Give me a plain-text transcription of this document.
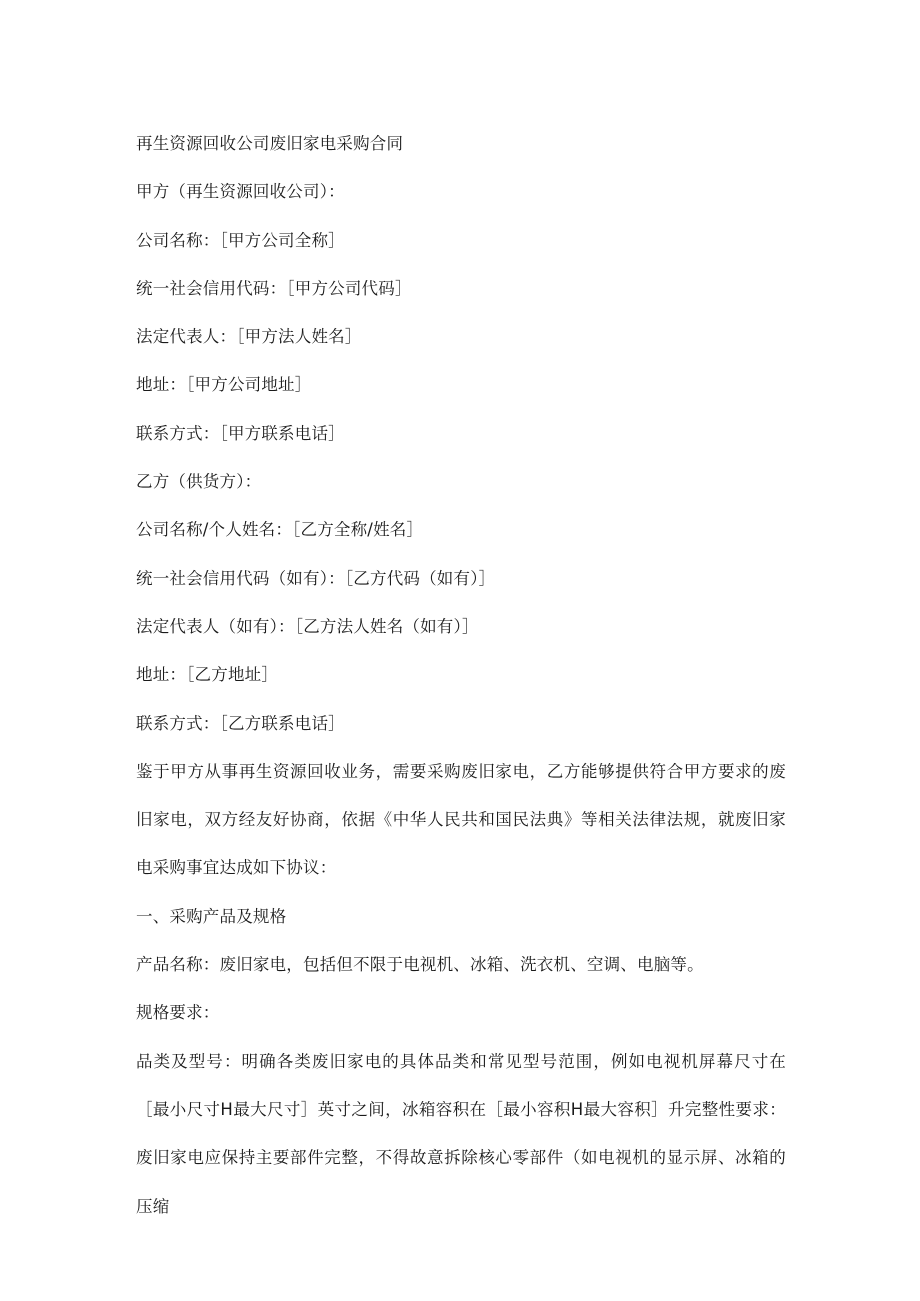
再生资源回收公司废旧家电采购合同
甲方（再生资源回收公司）：
公司名称：［甲方公司全称］
统一社会信用代码：［甲方公司代码］
法定代表人：［甲方法人姓名］
地址：［甲方公司地址］
联系方式：［甲方联系电话］
乙方（供货方）：
公司名称/个人姓名：［乙方全称/姓名］
统一社会信用代码（如有）：［乙方代码（如有）］
法定代表人（如有）：［乙方法人姓名（如有）］
地址：［乙方地址］
联系方式：［乙方联系电话］
鉴于甲方从事再生资源回收业务，需要采购废旧家电，乙方能够提供符合甲方要求的废旧家电，双方经友好协商，依据《中华人民共和国民法典》等相关法律法规，就废旧家电采购事宜达成如下协议：
一、采购产品及规格
产品名称：废旧家电，包括但不限于电视机、冰箱、洗衣机、空调、电脑等。
规格要求：
品类及型号：明确各类废旧家电的具体品类和常见型号范围，例如电视机屏幕尺寸在［最小尺寸H最大尺寸］英寸之间，冰箱容积在［最小容积H最大容积］升完整性要求：废旧家电应保持主要部件完整，不得故意拆除核心零部件（如电视机的显示屏、冰箱的压缩
